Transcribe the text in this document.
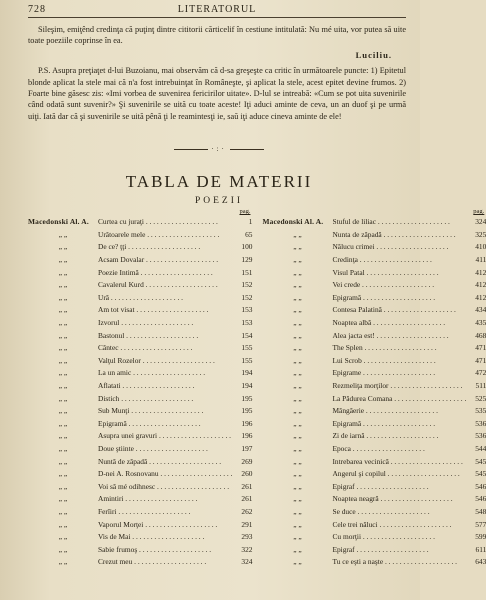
728	LITERATORUL

Sileşim, emiţênd credinţa că puţinţ dintre cititorii cărticelif în cestiune intitulată: Nu mé uita, vor putea să uite toate poeziile coprinse în ea.

Luciliu.

P.S. Asupra preţiaţet d-lui Buzoianu, mai observăm că d-sa greşeşte ca critic în următoarele puncte: 1) Epitetul blonde aplicat la stele mai că n'a fost intrebuinţat în Româneşte, şi aplicat la stele, acest epitet devine frumos. 2) Foarte bine găsesc zis: «Imi vorbea de suvenirea fericirilor uitate». D-lul se intreabă: «Cum se pot uita suvenirile când odată sunt suvenir?» Şi suvenirile se uită cu toate aceste! Iţi aduci aminte de ceva, un an duof şi pe urmă uiţi. Iată dar că şi suvenirile se uită pênă ţi le reamintesţi ie, saŭ iţi aduce cineva aminte de ele!

·:·
TABLA DE MATERII
POEZII
pag.
Macedonski Al. A.	Curtea cu juraţi . . . . . . . . . . . . . . . . . . . .	1
„ „	Urâtoarele mele . . . . . . . . . . . . . . . . . . . .	65
„ „	De ce? ţţi . . . . . . . . . . . . . . . . . . . .	100
„ „	Acsam Dovalar . . . . . . . . . . . . . . . . . . . .	129
„ „	Poezie Intimă . . . . . . . . . . . . . . . . . . . .	151
„ „	Cavalerul Kurd . . . . . . . . . . . . . . . . . . . .	152
„ „	Ură . . . . . . . . . . . . . . . . . . . .	152
„ „	Am tot visat . . . . . . . . . . . . . . . . . . . .	153
„ „	Izvorul . . . . . . . . . . . . . . . . . . . .	153
„ „	Bastonul . . . . . . . . . . . . . . . . . . . .	154
„ „	Cântec . . . . . . . . . . . . . . . . . . . .	155
„ „	Valţul Rozelor . . . . . . . . . . . . . . . . . . . .	155
„ „	La un amic . . . . . . . . . . . . . . . . . . . .	194
„ „	Aflatati . . . . . . . . . . . . . . . . . . . .	194
„ „	Distich . . . . . . . . . . . . . . . . . . . .	195
„ „	Sub Munţi . . . . . . . . . . . . . . . . . . . .	195
„ „	Epigramă . . . . . . . . . . . . . . . . . . . .	196
„ „	Asupra unei gravuri . . . . . . . . . . . . . . . . . . . .	196
„ „	Doue ştiinte . . . . . . . . . . . . . . . . . . . .	197
„ „	Nuntă de zăpadă . . . . . . . . . . . . . . . . . . . .	269
„ „	D-nei A. Rosnovanu . . . . . . . . . . . . . . . . . . . .	260
„ „	Voi să mé odihnesc . . . . . . . . . . . . . . . . . . . .	261
„ „	Amintiri . . . . . . . . . . . . . . . . . . . .	261
„ „	Ferîiri . . . . . . . . . . . . . . . . . . . .	262
„ „	Vaporul Morţei . . . . . . . . . . . . . . . . . . . .	291
„ „	Vis de Mai . . . . . . . . . . . . . . . . . . . .	293
„ „	Sabie frumoş . . . . . . . . . . . . . . . . . . . .	322
„ „	Crezut meu . . . . . . . . . . . . . . . . . . . .	324
pag.
Macedonski Al. A.	Stuful de liliac . . . . . . . . . . . . . . . . . . . .	324
„ „	Nunta de zăpadă . . . . . . . . . . . . . . . . . . . .	325
„ „	Nălucu crimei . . . . . . . . . . . . . . . . . . . .	410
„ „	Credinţa . . . . . . . . . . . . . . . . . . . .	411
„ „	Visul Patal . . . . . . . . . . . . . . . . . . . .	412
„ „	Vei crede . . . . . . . . . . . . . . . . . . . .	412
„ „	Epigramă . . . . . . . . . . . . . . . . . . . .	412
„ „	Contesa Palatină . . . . . . . . . . . . . . . . . . . .	434
„ „	Noaptea albă . . . . . . . . . . . . . . . . . . . .	435
„ „	Alea jacta est! . . . . . . . . . . . . . . . . . . . .	468
„ „	The Splen . . . . . . . . . . . . . . . . . . . .	471
„ „	Lui Scrob . . . . . . . . . . . . . . . . . . . .	471
„ „	Epigrame . . . . . . . . . . . . . . . . . . . .	472
„ „	Rezmeliţa morţilor . . . . . . . . . . . . . . . . . . . .	511
„ „	La Pădurea Comana . . . . . . . . . . . . . . . . . . . .	525
„ „	Mângăerie . . . . . . . . . . . . . . . . . . . .	535
„ „	Epigramă . . . . . . . . . . . . . . . . . . . .	536
„ „	Zi de iarnă . . . . . . . . . . . . . . . . . . . .	536
„ „	Epoca . . . . . . . . . . . . . . . . . . . .	544
„ „	Intrebarea vecinică . . . . . . . . . . . . . . . . . . . .	545
„ „	Angerul şi copilul . . . . . . . . . . . . . . . . . . . .	545
„ „	Epigraf . . . . . . . . . . . . . . . . . . . .	546
„ „	Noaptea neagră . . . . . . . . . . . . . . . . . . . .	546
„ „	Se duce . . . . . . . . . . . . . . . . . . . .	548
„ „	Cele trei năluci . . . . . . . . . . . . . . . . . . . .	577
„ „	Cu morţii . . . . . . . . . . . . . . . . . . . .	599
„ „	Epigraf . . . . . . . . . . . . . . . . . . . .	611
„ „	Tu ce eşti a naşte . . . . . . . . . . . . . . . . . . . .	643
